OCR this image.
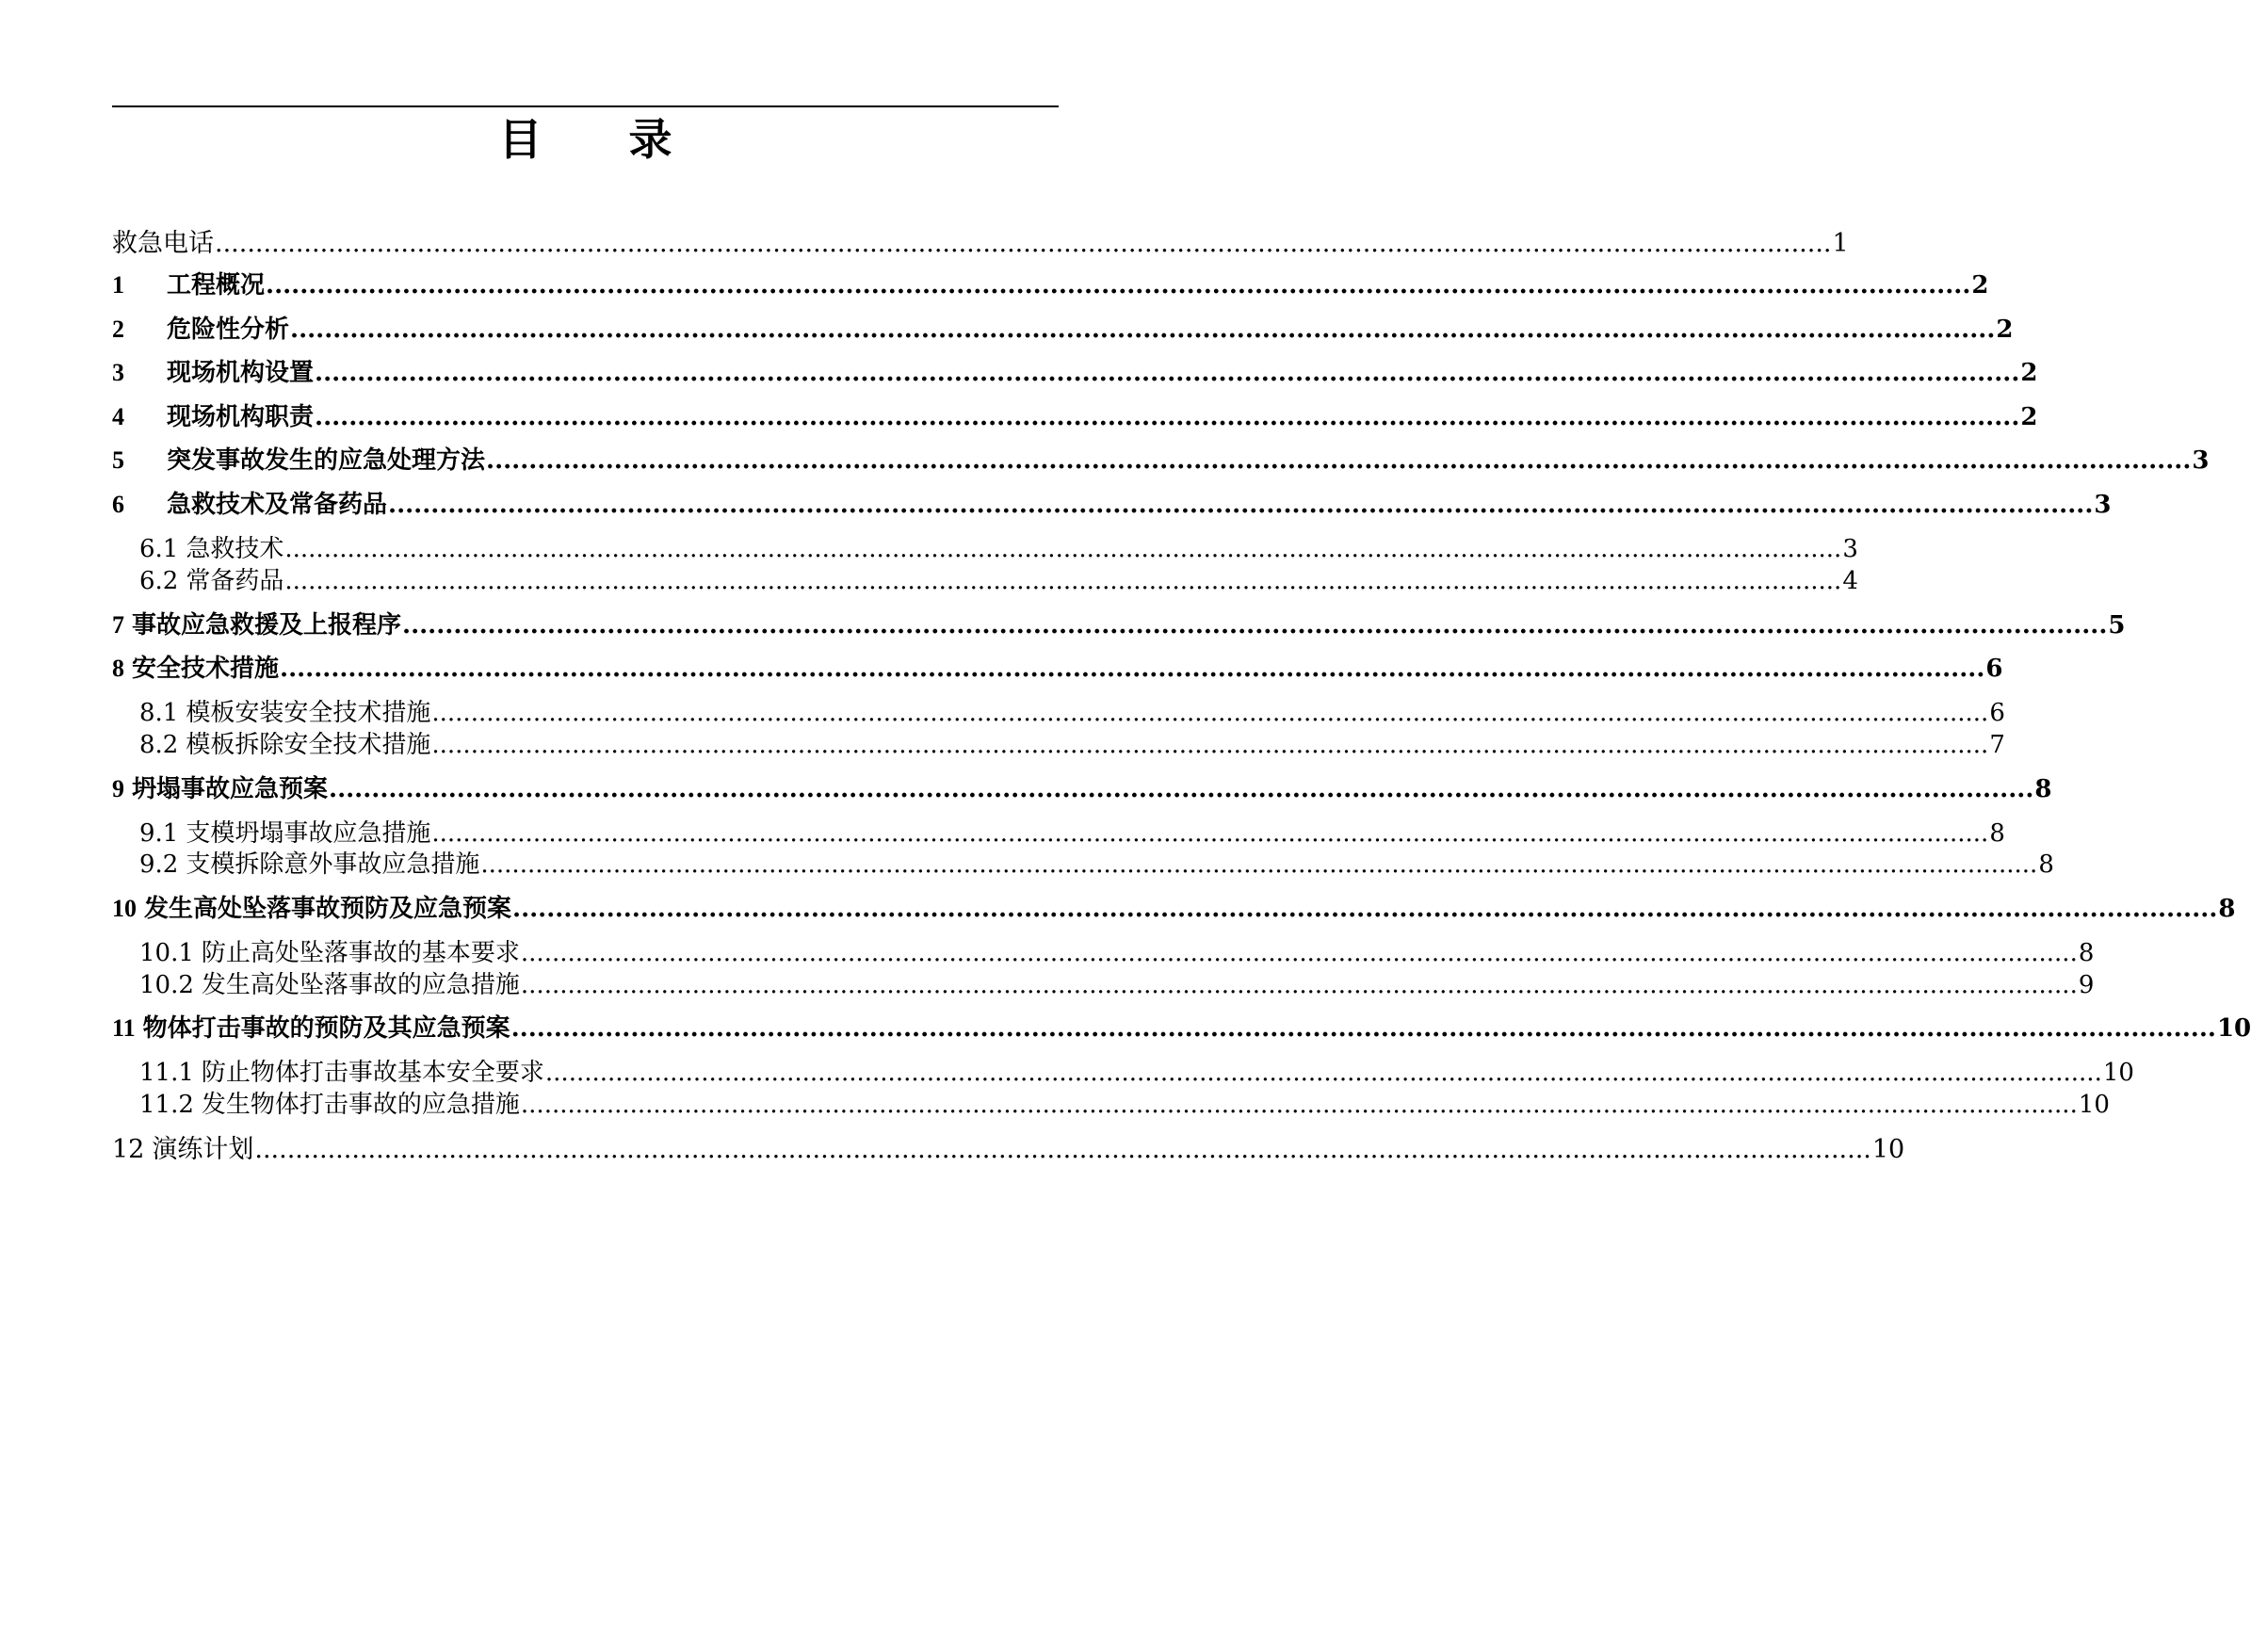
目 录
救急电话 ........................................................................................................................................................................................................ 1
1	工程概况 ........................................................................................................................................................................................................ 2
2	危险性分析 ........................................................................................................................................................................................................ 2
3	现场机构设置 ........................................................................................................................................................................................................ 2
4	现场机构职责 ........................................................................................................................................................................................................ 2
5	突发事故发生的应急处理方法 ........................................................................................................................................................................................................ 3
6	急救技术及常备药品 ........................................................................................................................................................................................................ 3
6.1 急救技术 ........................................................................................................................................................................................................ 3
6.2 常备药品 ........................................................................................................................................................................................................ 4
7 事故应急救援及上报程序 ........................................................................................................................................................................................................ 5
8 安全技术措施 ........................................................................................................................................................................................................ 6
8.1 模板安装安全技术措施 ........................................................................................................................................................................................................ 6
8.2 模板拆除安全技术措施 ........................................................................................................................................................................................................ 7
9 坍塌事故应急预案 ........................................................................................................................................................................................................ 8
9.1 支模坍塌事故应急措施 ........................................................................................................................................................................................................ 8
9.2 支模拆除意外事故应急措施 ........................................................................................................................................................................................................ 8
10 发生高处坠落事故预防及应急预案 ........................................................................................................................................................................................................ 8
10.1 防止高处坠落事故的基本要求 ........................................................................................................................................................................................................ 8
10.2 发生高处坠落事故的应急措施 ........................................................................................................................................................................................................ 9
11 物体打击事故的预防及其应急预案 ........................................................................................................................................................................................................ 10
11.1 防止物体打击事故基本安全要求 ........................................................................................................................................................................................................ 10
11.2 发生物体打击事故的应急措施 ........................................................................................................................................................................................................ 10
12 演练计划 ........................................................................................................................................................................................................ 10
